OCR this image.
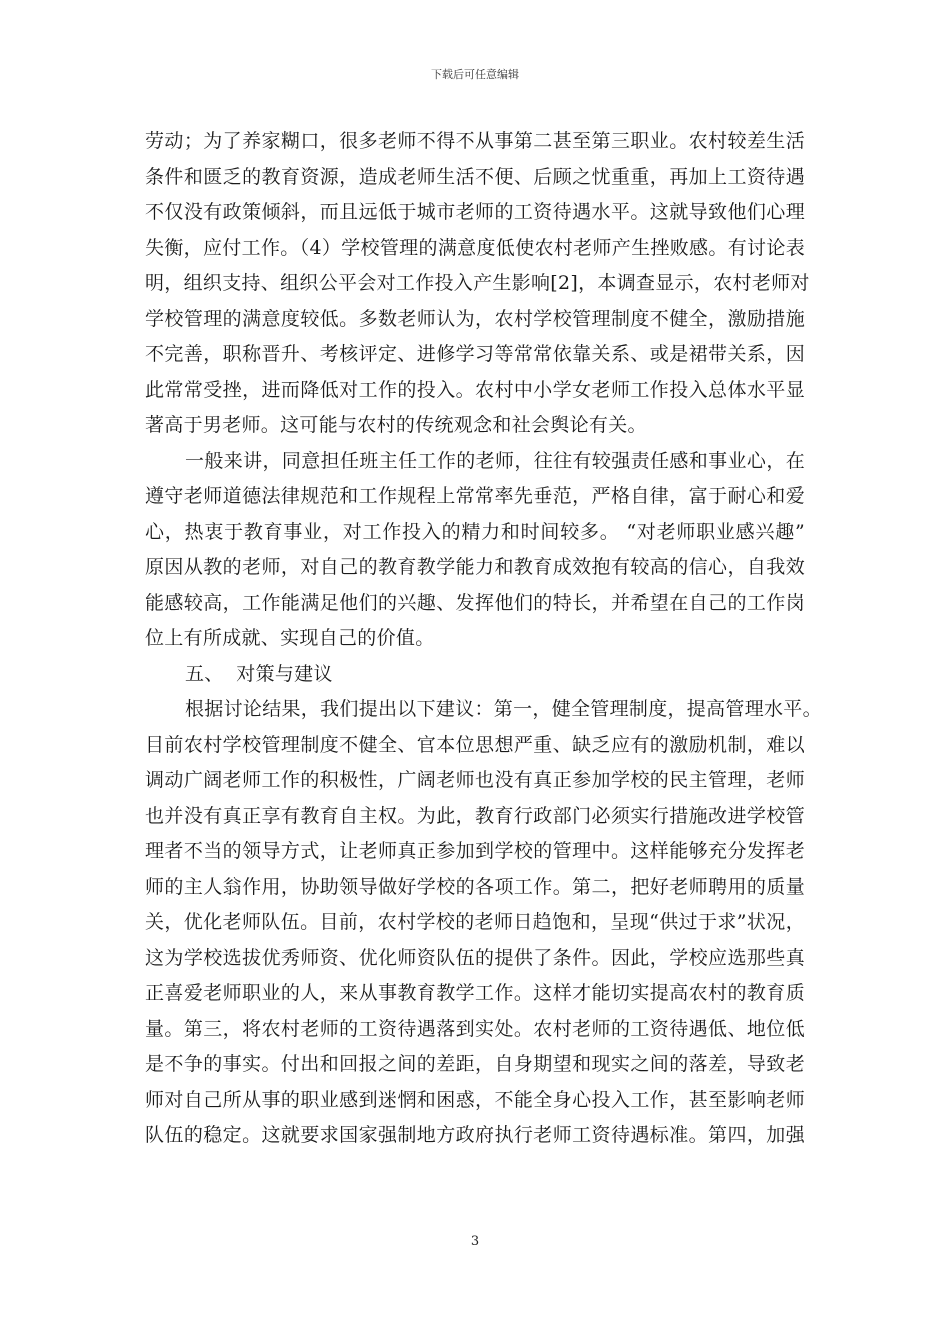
下载后可任意编辑
劳动；为了养家糊口，很多老师不得不从事第二甚至第三职业。农村较差生活
条件和匮乏的教育资源，造成老师生活不便、后顾之忧重重，再加上工资待遇
不仅没有政策倾斜，而且远低于城市老师的工资待遇水平。这就导致他们心理
失衡，应付工作。（4）学校管理的满意度低使农村老师产生挫败感。有讨论表
明，组织支持、组织公平会对工作投入产生影响[2]，本调查显示，农村老师对
学校管理的满意度较低。多数老师认为，农村学校管理制度不健全，激励措施
不完善，职称晋升、考核评定、进修学习等常常依靠关系、或是裙带关系，因
此常常受挫，进而降低对工作的投入。农村中小学女老师工作投入总体水平显
著高于男老师。这可能与农村的传统观念和社会舆论有关。
一般来讲，同意担任班主任工作的老师，往往有较强责任感和事业心，在
遵守老师道德法律规范和工作规程上常常率先垂范，严格自律，富于耐心和爱
心，热衷于教育事业，对工作投入的精力和时间较多。 “对老师职业感兴趣”
原因从教的老师，对自己的教育教学能力和教育成效抱有较高的信心，自我效
能感较高，工作能满足他们的兴趣、发挥他们的特长，并希望在自己的工作岗
位上有所成就、实现自己的价值。
五、  对策与建议
根据讨论结果，我们提出以下建议：第一，健全管理制度，提高管理水平。
目前农村学校管理制度不健全、官本位思想严重、缺乏应有的激励机制，难以
调动广阔老师工作的积极性，广阔老师也没有真正参加学校的民主管理，老师
也并没有真正享有教育自主权。为此，教育行政部门必须实行措施改进学校管
理者不当的领导方式，让老师真正参加到学校的管理中。这样能够充分发挥老
师的主人翁作用，协助领导做好学校的各项工作。第二，把好老师聘用的质量
关，优化老师队伍。目前，农村学校的老师日趋饱和，呈现“供过于求”状况，
这为学校选拔优秀师资、优化师资队伍的提供了条件。因此，学校应选那些真
正喜爱老师职业的人，来从事教育教学工作。这样才能切实提高农村的教育质
量。第三，将农村老师的工资待遇落到实处。农村老师的工资待遇低、地位低
是不争的事实。付出和回报之间的差距，自身期望和现实之间的落差，导致老
师对自己所从事的职业感到迷惘和困惑，不能全身心投入工作，甚至影响老师
队伍的稳定。这就要求国家强制地方政府执行老师工资待遇标准。第四，加强
3
